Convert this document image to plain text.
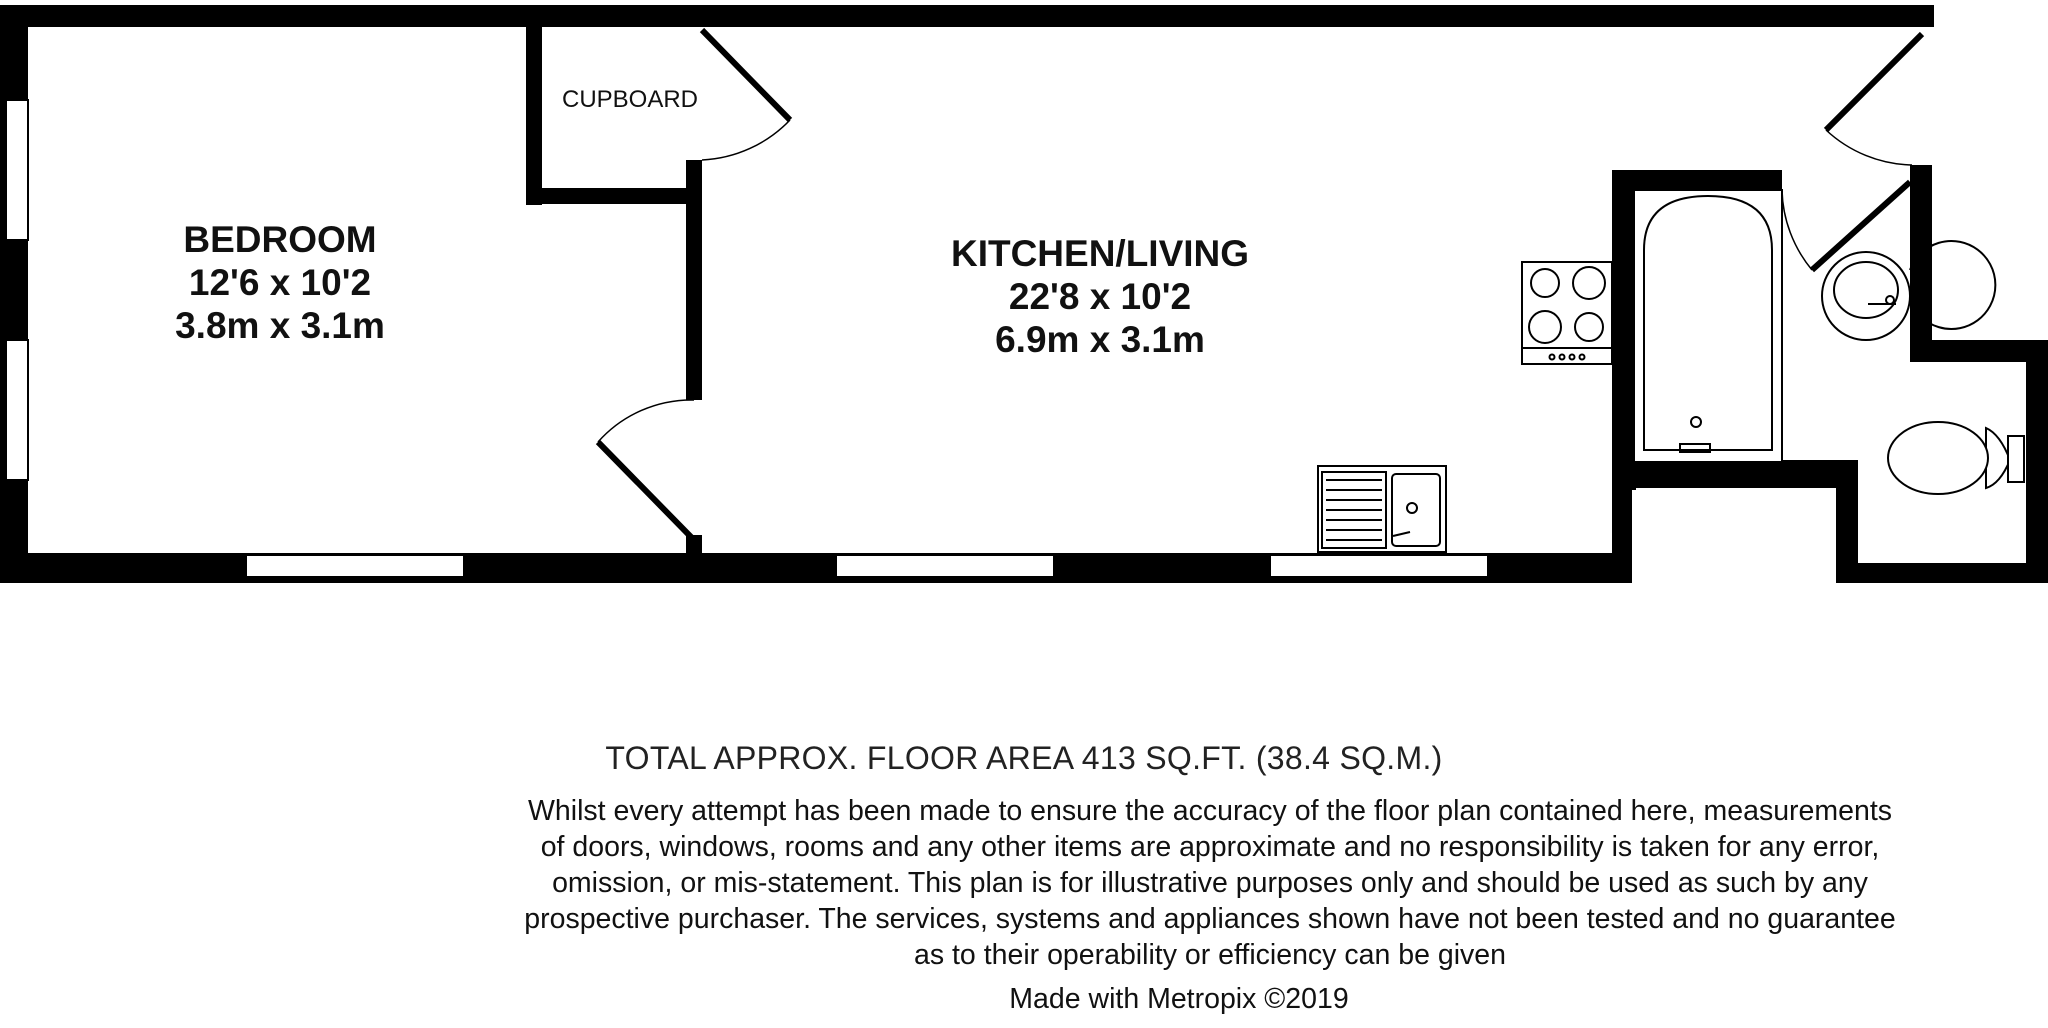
CUPBOARD
BEDROOM
12'6 x 10'2
3.8m x 3.1m
KITCHEN/LIVING
22'8 x 10'2
6.9m x 3.1m
TOTAL APPROX. FLOOR AREA 413 SQ.FT. (38.4 SQ.M.)
Whilst every attempt has been made to ensure the accuracy of the floor plan contained here, measurements
of doors, windows, rooms and any other items are approximate and no responsibility is taken for any error,
omission, or mis-statement. This plan is for illustrative purposes only and should be used as such by any
prospective purchaser. The services, systems and appliances shown have not been tested and no guarantee
as to their operability or efficiency can be given
Made with Metropix ©2019
